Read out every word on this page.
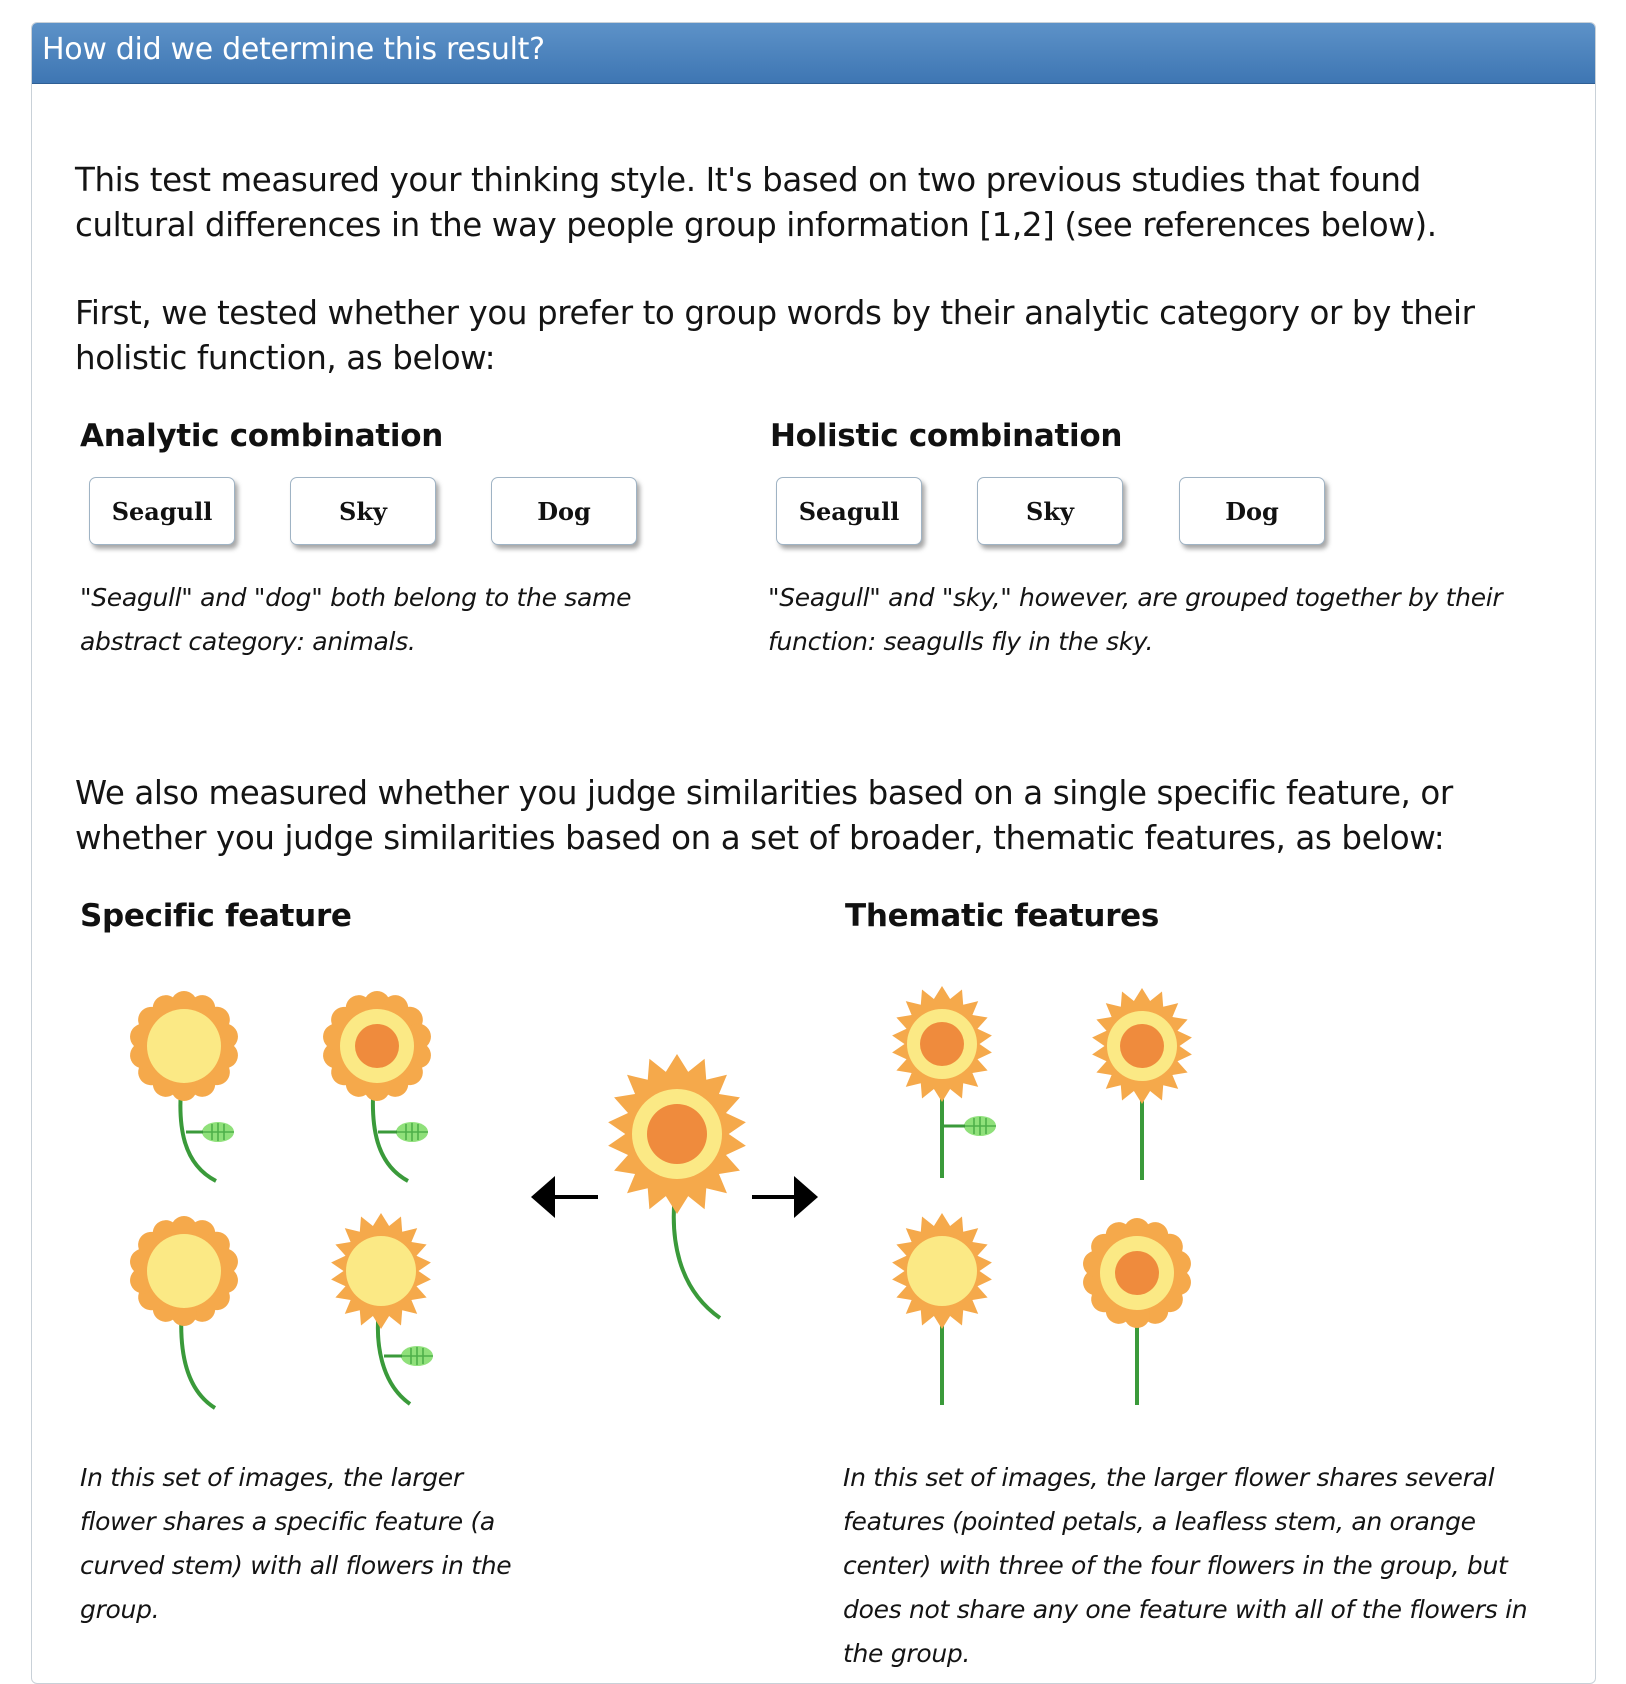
How did we determine this result?
This test measured your thinking style. It's based on two previous studies that found cultural differences in the way people group information [1,2] (see references below).
First, we tested whether you prefer to group words by their analytic category or by their holistic function, as below:
Analytic combination	Holistic combination
Seagull	Sky	Dog	Seagull	Sky	Dog
"Seagull" and "dog" both belong to the same abstract category: animals.
"Seagull" and "sky," however, are grouped together by their function: seagulls fly in the sky.
We also measured whether you judge similarities based on a single specific feature, or whether you judge similarities based on a set of broader, thematic features, as below:
Specific feature	Thematic features
In this set of images, the larger flower shares a specific feature (a curved stem) with all flowers in the group.
In this set of images, the larger flower shares several features (pointed petals, a leafless stem, an orange center) with three of the four flowers in the group, but does not share any one feature with all of the flowers in the group.
